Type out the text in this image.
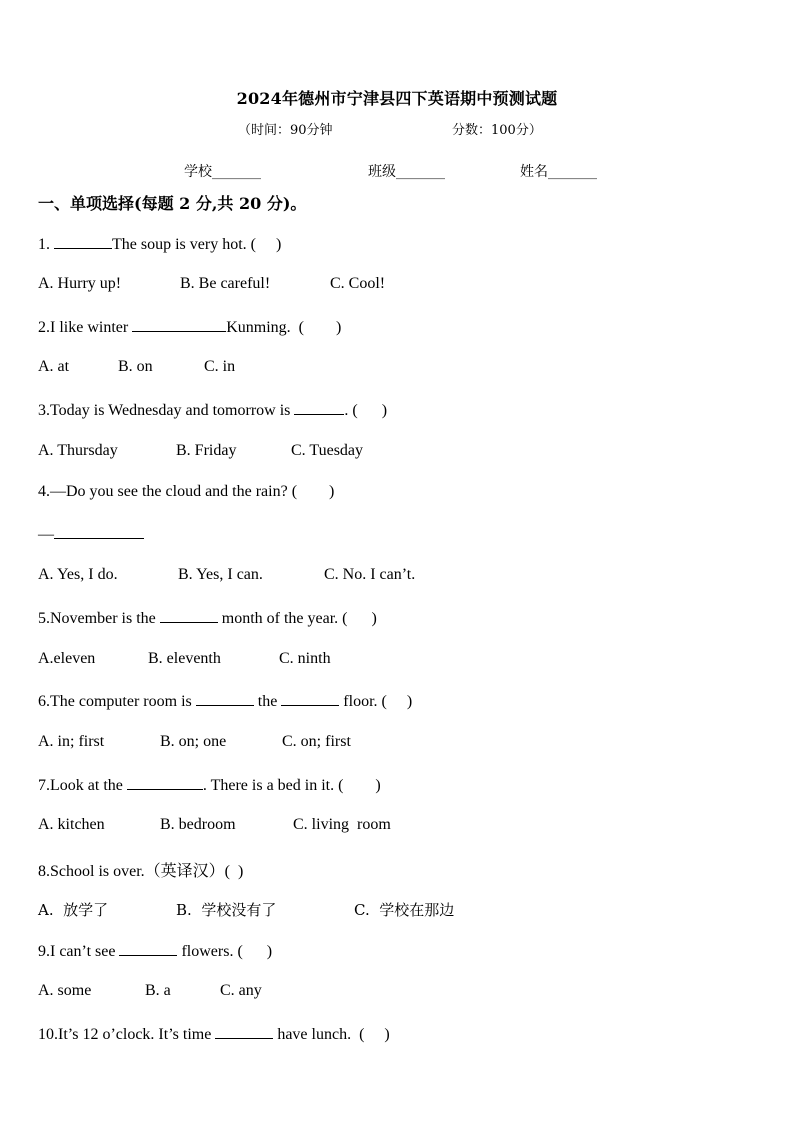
2024年德州市宁津县四下英语期中预测试题
（时间：90分钟	分数：100分）
学校_______	班级_______	姓名_______
一、单项选择(每题 2 分,共 20 分)。
1.	The soup is very hot. (     )
A. Hurry up!	B. Be careful!	C. Cool!
2.I like winter	Kunming.  (        )
A. at	B. on	C. in
3.Today is Wednesday and tomorrow is	. (      )
A. Thursday	B. Friday	C. Tuesday
4.—Do you see the cloud and the rain? (        )
—
A. Yes, I do.	B. Yes, I can.	C. No. I can’t.
5.November is the	month of the year. (      )
A.eleven	B. eleventh	C. ninth
6.The computer room is	the	floor. (     )
A. in; first	B. on; one	C. on; first
7.Look at the	. There is a bed in it. (        )
A. kitchen	B. bedroom	C. living  room
8.School is over.（英译汉）(  )
A.  放学了	B.  学校没有了	C.  学校在那边
9.I can’t see	flowers. (      )
A. some	B. a	C. any
10.It’s 12 o’clock. It’s time	have lunch.  (     )
